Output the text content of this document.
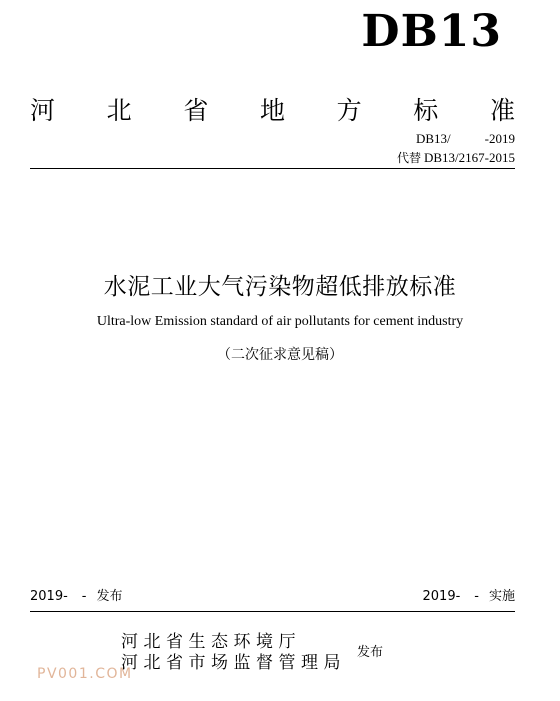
DB13
河 北 省 地 方 标 准
DB13/	-2019
代替 DB13/2167-2015
水泥工业大气污染物超低排放标准
Ultra-low Emission standard of air pollutants for cement industry
（二次征求意见稿）
2019- - 发布	2019- - 实施
河北省生态环境厅
河北省市场监督管理局
发布
PV001.COM
